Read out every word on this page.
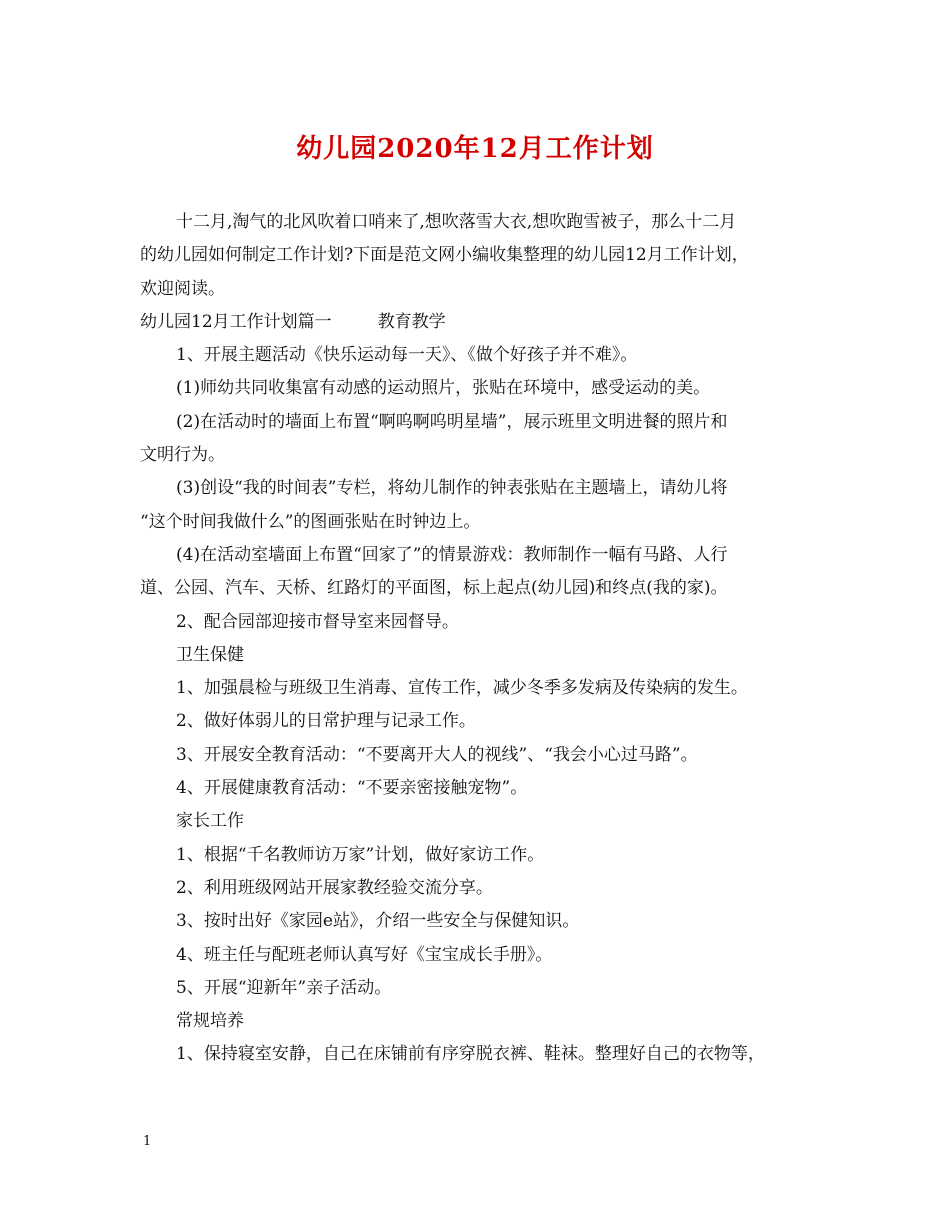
幼儿园2020年12月工作计划
十二月,淘气的北风吹着口哨来了,想吹落雪大衣,想吹跑雪被子，那么十二月
的幼儿园如何制定工作计划?下面是范文网小编收集整理的幼儿园12月工作计划，
欢迎阅读。
幼儿园12月工作计划篇一	教育教学
1、开展主题活动《快乐运动每一天》、《做个好孩子并不难》。
(1)师幼共同收集富有动感的运动照片，张贴在环境中，感受运动的美。
(2)在活动时的墙面上布置“啊呜啊呜明星墙”，展示班里文明进餐的照片和
文明行为。
(3)创设“我的时间表”专栏，将幼儿制作的钟表张贴在主题墙上，请幼儿将
“这个时间我做什么”的图画张贴在时钟边上。
(4)在活动室墙面上布置“回家了”的情景游戏：教师制作一幅有马路、人行
道、公园、汽车、天桥、红路灯的平面图，标上起点(幼儿园)和终点(我的家)。
2、配合园部迎接市督导室来园督导。
卫生保健
1、加强晨检与班级卫生消毒、宣传工作，减少冬季多发病及传染病的发生。
2、做好体弱儿的日常护理与记录工作。
3、开展安全教育活动：“不要离开大人的视线”、“我会小心过马路”。
4、开展健康教育活动：“不要亲密接触宠物”。
家长工作
1、根据“千名教师访万家”计划，做好家访工作。
2、利用班级网站开展家教经验交流分享。
3、按时出好《家园e站》，介绍一些安全与保健知识。
4、班主任与配班老师认真写好《宝宝成长手册》。
5、开展“迎新年”亲子活动。
常规培养
1、保持寝室安静，自己在床铺前有序穿脱衣裤、鞋袜。整理好自己的衣物等，
1
